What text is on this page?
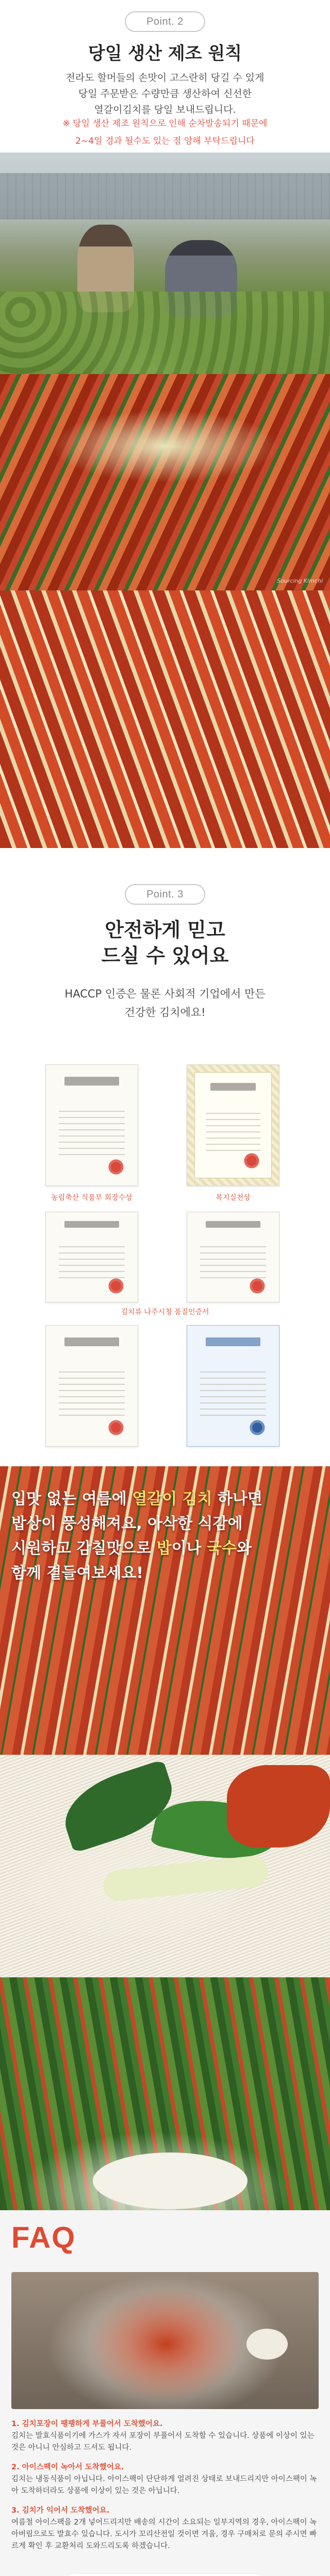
Point. 2
당일 생산 제조 원칙

전라도 할머들의 손맛이 고스란히 당길 수 있게

당일 주문받은 수량만큼 생산하여 신선한

열갈이김치를 당일 보내드립니다.

※ 당일 생산 제조 원칙으로 인해 순차발송되기 때문에

2~4일 경과 될수도 있는 점 양해 부탁드립니다

Sourcing Kimchi
Point. 3
안전하게 믿고
드실 수 있어요

HACCP 인증은 물론 사회적 기업에서 만든

건강한 김치에요!

농림축산 식품부 회장수상	복지실천상
김치류 나주시청 품질인증서
입맛 없는 여름에 열갈이 김치 하나면
밥상이 풍성해져요, 아삭한 식감에
시원하고 감칠맛으로 밥이나 국수와
함께 곁들여보세요!
FAQ
1. 김치포장이 팽팽하게 부풀어서 도착했어요.
김치는 발효식품이기에 가스가 자서 포장이 부풀어서 도착할 수 있습니다. 상품에 이상이 있는 것은 아니니 안심하고 드셔도 됩니다.
2. 아이스팩이 녹아서 도착했어요.
김치는 냉동식품이 아닙니다. 아이스팩이 단단하게 얼려진 상태로 보내드리지만 아이스팩이 녹아 도착하더라도 상품에 이상이 있는 것은 아닙니다.
3. 김치가 익어서 도착했어요.
여름철 아이스팩을 2개 넣어드리지만 배송의 시간이 소요되는 일부지역의 경우, 아이스팩이 녹아버림으로도 발효수 있습니다. 도시가 꼬리산전일 것이면 겨울, 경우 구매처로 문의 주시면 빠르게 확인 후 교환처리 도와드리도록 하겠습니다.
